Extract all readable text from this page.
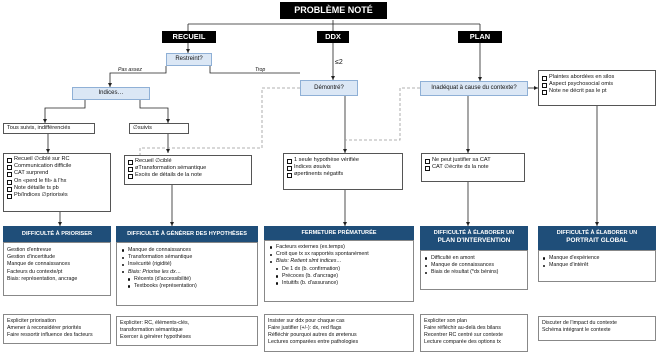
PROBLÈME NOTÉ
RECUEIL	DDX	PLAN
Restreint?
Démontré?	Inadéquat à cause du contexte?
Pas assez	Trop
≤2
Indices…
Tous suivis, indifférenciés	∅suivis
Recueil ∅ciblé sur RC
Communication difficile
CAT surprend
On «perd le fil» à l'hx
Note détaille ts pb
Pb/Indices ∅priorisés
Recueil ∅ciblé
øTransformation sémantique
Excès de détails de la note
1 seule hypothèse vérifiée
Indices øsuivis
øpertinents négatifs
Ne peut justifier sa CAT
CAT ∅écrite ds la note
Plaintes abordées en silos
Aspect psychosocial omis
Note ne décrit pas le pt
DIFFICULTÉ À PRIORISER
Gestion d'entrevue
Gestion d'incertitude
Manque de connaissances
Facteurs du contexte/pt
Biais: représentation, ancrage
Expliciter priorisation
Amener à reconsidérer priorités
Faire ressortir influence des facteurs
DIFFICULTÉ À GÉNÉRER DES HYPOTHÈSES
Manque de connaissances
Transformation sémantique
Insécurité (rigidité)
Biais: Priorise les dx…
Récents (d'accessibilité)
Textbooks (représentation)
Expliciter: RC, éléments-clés,
transformation sémantique
Exercer à générer hypothèses
FERMETURE PRÉMATURÉE
Facteurs externes (ex.temps)
Croit que tx sx rapportés spontanément
Biais: Retient slmt indices…
De 1 dx (b. confirmation)
Précoces (b. d'ancrage)
Intuitifs (b. d'assurance)
Insister sur ddx pour chaque cas
Faire justifier (+/-): dx, red flags
Réfléchir pourquoi autres dx øretenus
Lectures comparées entre pathologies
DIFFICULTÉ À ÉLABORER UN
PLAN D'INTERVENTION
Difficulté en amont
Manque de connaissances
Biais de résultat (*dx bénins)
Expliciter son plan
Faire réfléchir au-delà des bilans
Recentrer RC centré sur contexte
Lecture comparée des options tx
DIFFICULTÉ À ÉLABORER UN
PORTRAIT GLOBAL
Manque d'expérience
Manque d'intérêt
Discuter de l'impact du contexte
Schéma intégrant le contexte
